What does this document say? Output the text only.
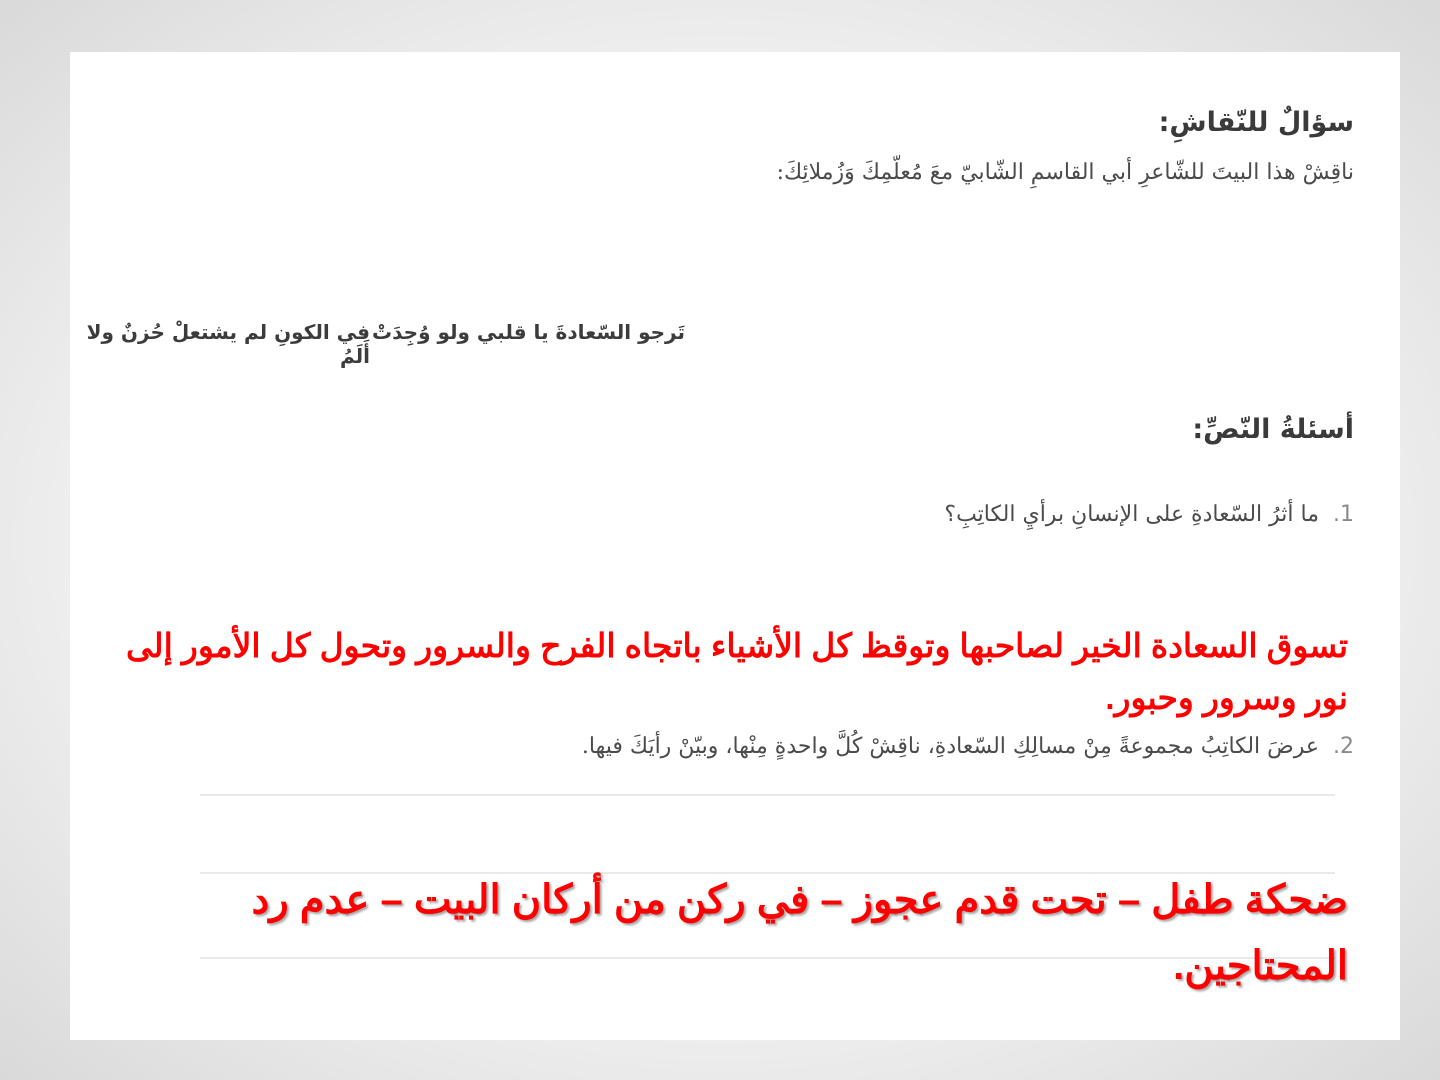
سؤالٌ للنّقاشِ:
ناقِشْ هذا البيتَ للشّاعرِ أبي القاسمِ الشّابيّ معَ مُعلّمِكَ وَزُملائِكَ:
تَرجو السّعادةَ يا قلبي ولو وُجِدَتْ
في الكونِ لم يشتعلْ حُزنٌ ولا أَلَمُ
أسئلةُ النّصِّ:
1.ما أثرُ السّعادةِ على الإنسانِ برأيِ الكاتِبِ؟
تسوق السعادة الخير لصاحبها وتوقظ كل الأشياء باتجاه الفرح والسرور وتحول كل الأمور إلى نور وسرور وحبور.
2.عرضَ الكاتِبُ مجموعةً مِنْ مسالِكِ السّعادةِ، ناقِشْ كُلَّ واحدةٍ مِنْها، وبيّنْ رأيَكَ فيها.
ضحكة طفل – تحت قدم عجوز – في ركن من أركان البيت – عدم رد المحتاجين.
